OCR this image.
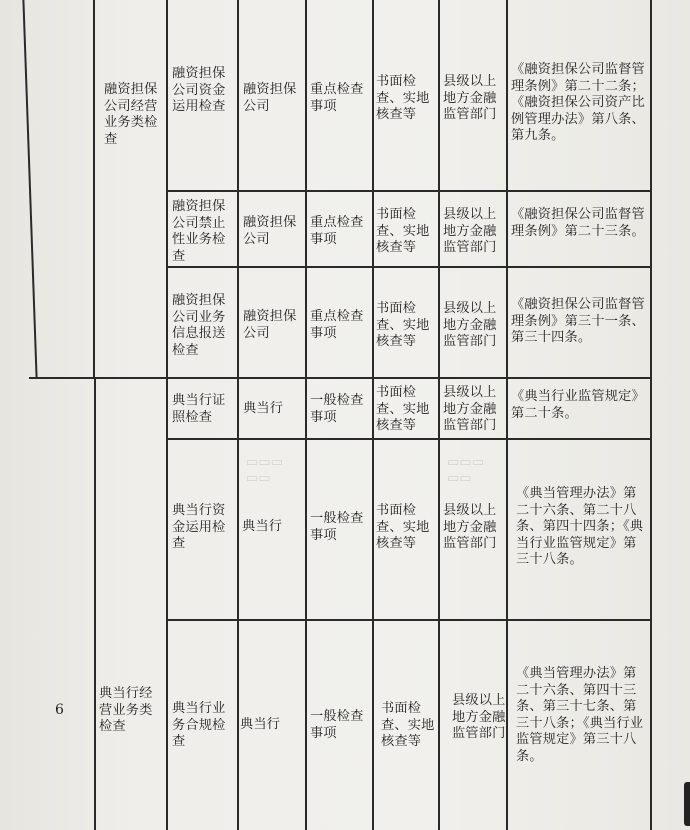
▭▭▭
▭▭
▭▭▭
▭▭
融资担保公司经营业务类检查
融资担保公司资金运用检查
融资担保公司
重点检查事项
书面检查、实地核查等
县级以上地方金融监管部门
《融资担保公司监督管理条例》第二十二条；《融资担保公司资产比例管理办法》第八条、第九条。
融资担保公司禁止性业务检查
融资担保公司
重点检查事项
书面检查、实地核查等
县级以上地方金融监管部门
《融资担保公司监督管理条例》第二十三条。
融资担保公司业务信息报送检查
融资担保公司
重点检查事项
书面检查、实地核查等
县级以上地方金融监管部门
《融资担保公司监督管理条例》第三十一条、第三十四条。
6
典当行经营业务类检查
典当行证照检查
典当行
一般检查事项
书面检查、实地核查等
县级以上地方金融监管部门
《典当行业监管规定》第二十条。
典当行资金运用检查
典当行
一般检查事项
书面检查、实地核查等
县级以上地方金融监管部门
《典当管理办法》第二十六条、第二十八条、第四十四条；《典当行业监管规定》第三十八条。
典当行业务合规检查
典当行
一般检查事项
书面检查、实地核查等
县级以上地方金融监管部门
《典当管理办法》第二十六条、第四十三条、第三十七条、第三十八条；《典当行业监管规定》第三十八条。
